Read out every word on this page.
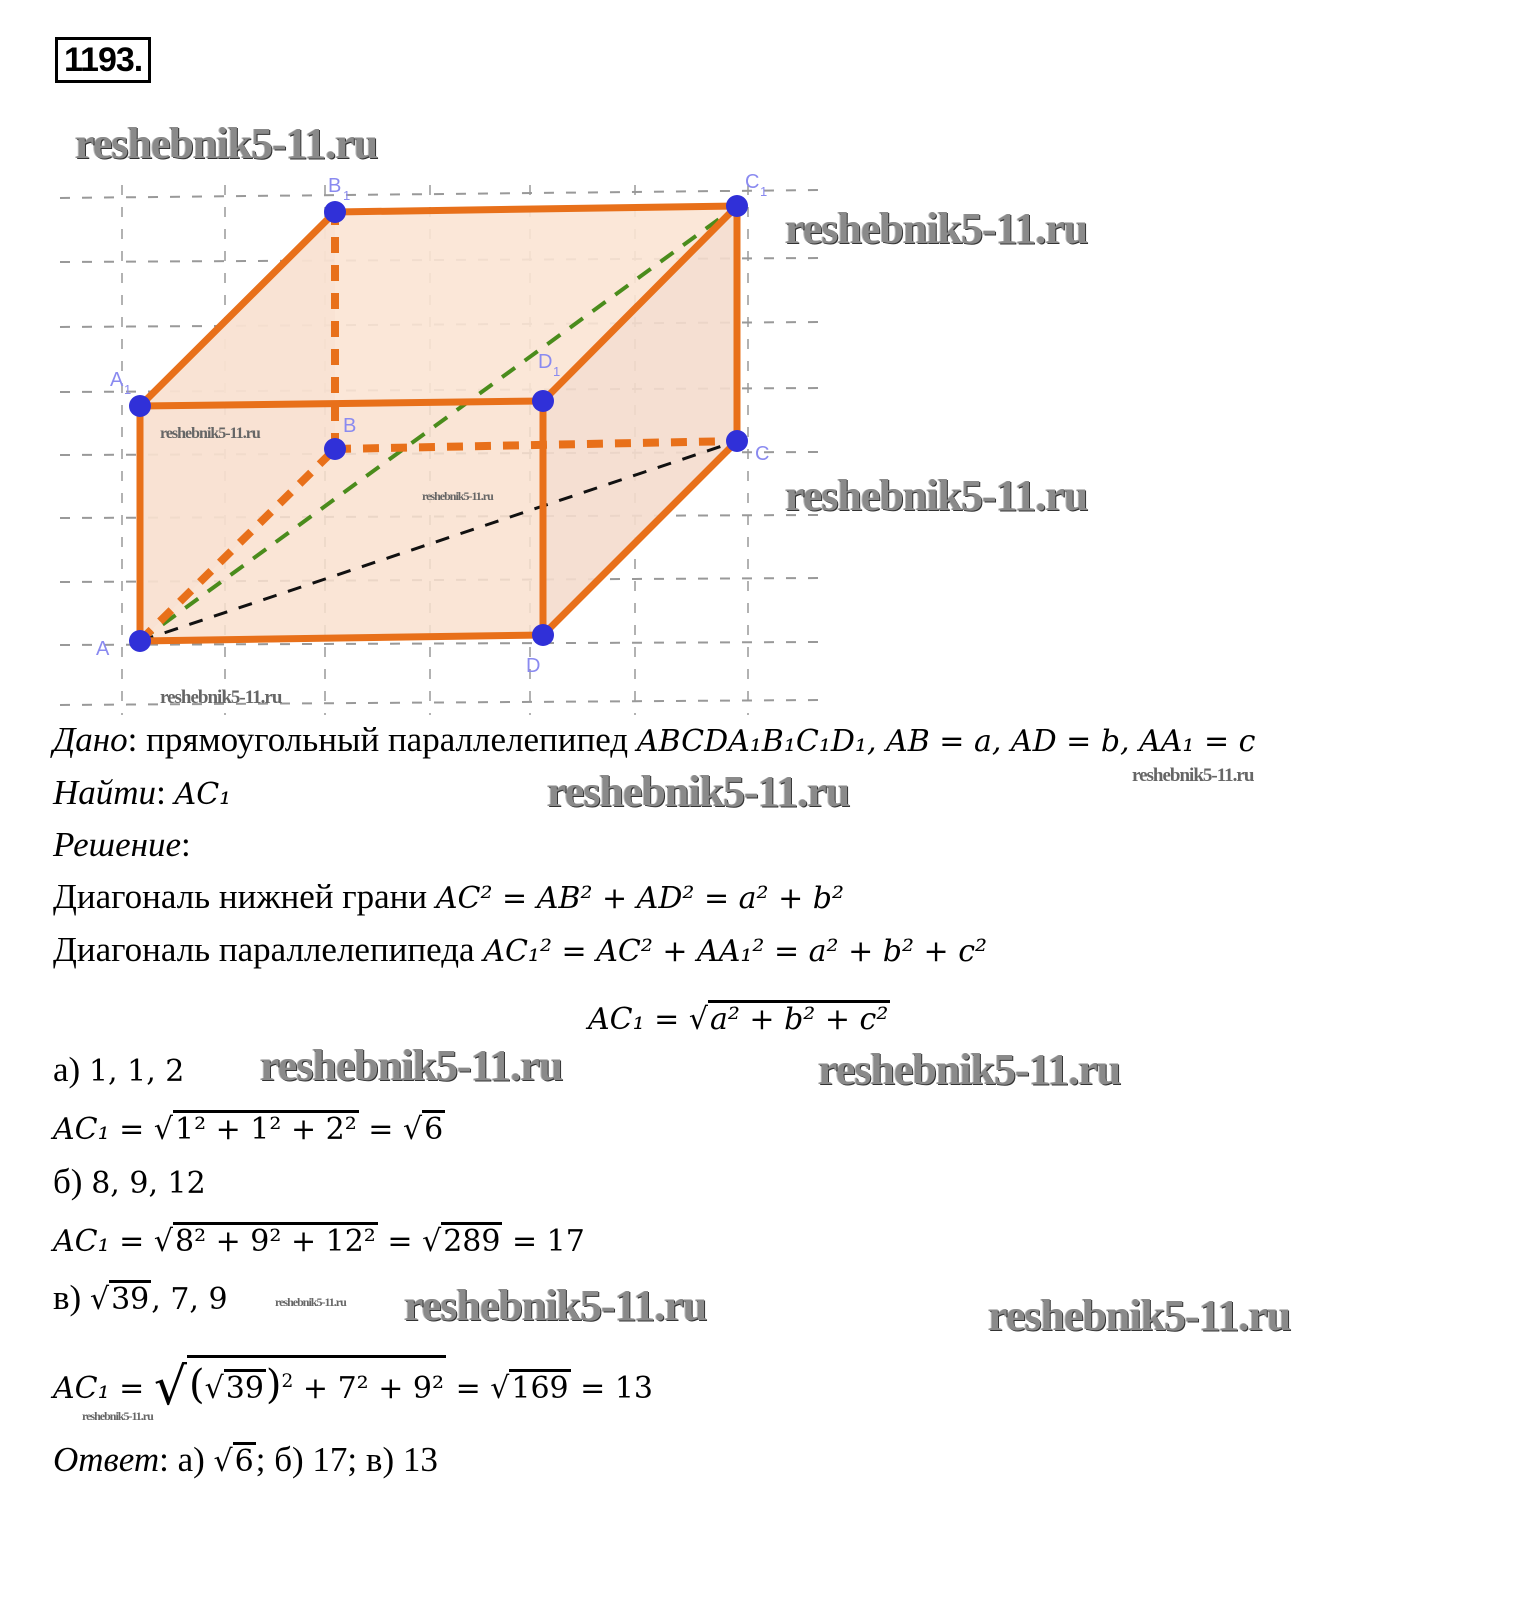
1193.
A
B
C
D
A 1
B 1
C 1
D 1
reshebnik5-11.ru
reshebnik5-11.ru
reshebnik5-11.ru
reshebnik5-11.ru
reshebnik5-11.ru
reshebnik5-11.ru
reshebnik5-11.ru	reshebnik5-11.ru
reshebnik5-11.ru	reshebnik5-11.ru
reshebnik5-11.ru	reshebnik5-11.ru
reshebnik5-11.ru
reshebnik5-11.ru
Дано: прямоугольный параллелепипед ABCDA₁B₁C₁D₁, AB = a, AD = b, AA₁ = c
Найти: AC₁
Решение:
Диагональ нижней грани AC² = AB² + AD² = a² + b²
Диагональ параллелепипеда AC₁² = AC² + AA₁² = a² + b² + c²
AC₁ = √a² + b² + c²
а) 1, 1, 2
AC₁ = √1² + 1² + 2² = √6
б) 8, 9, 12
AC₁ = √8² + 9² + 12² = √289 = 17
в) √39, 7, 9
$AC_1 = √(√39)^2 + 7^2 + 9^2 = √169 = 13$
Ответ: а) √6; б) 17; в) 13
